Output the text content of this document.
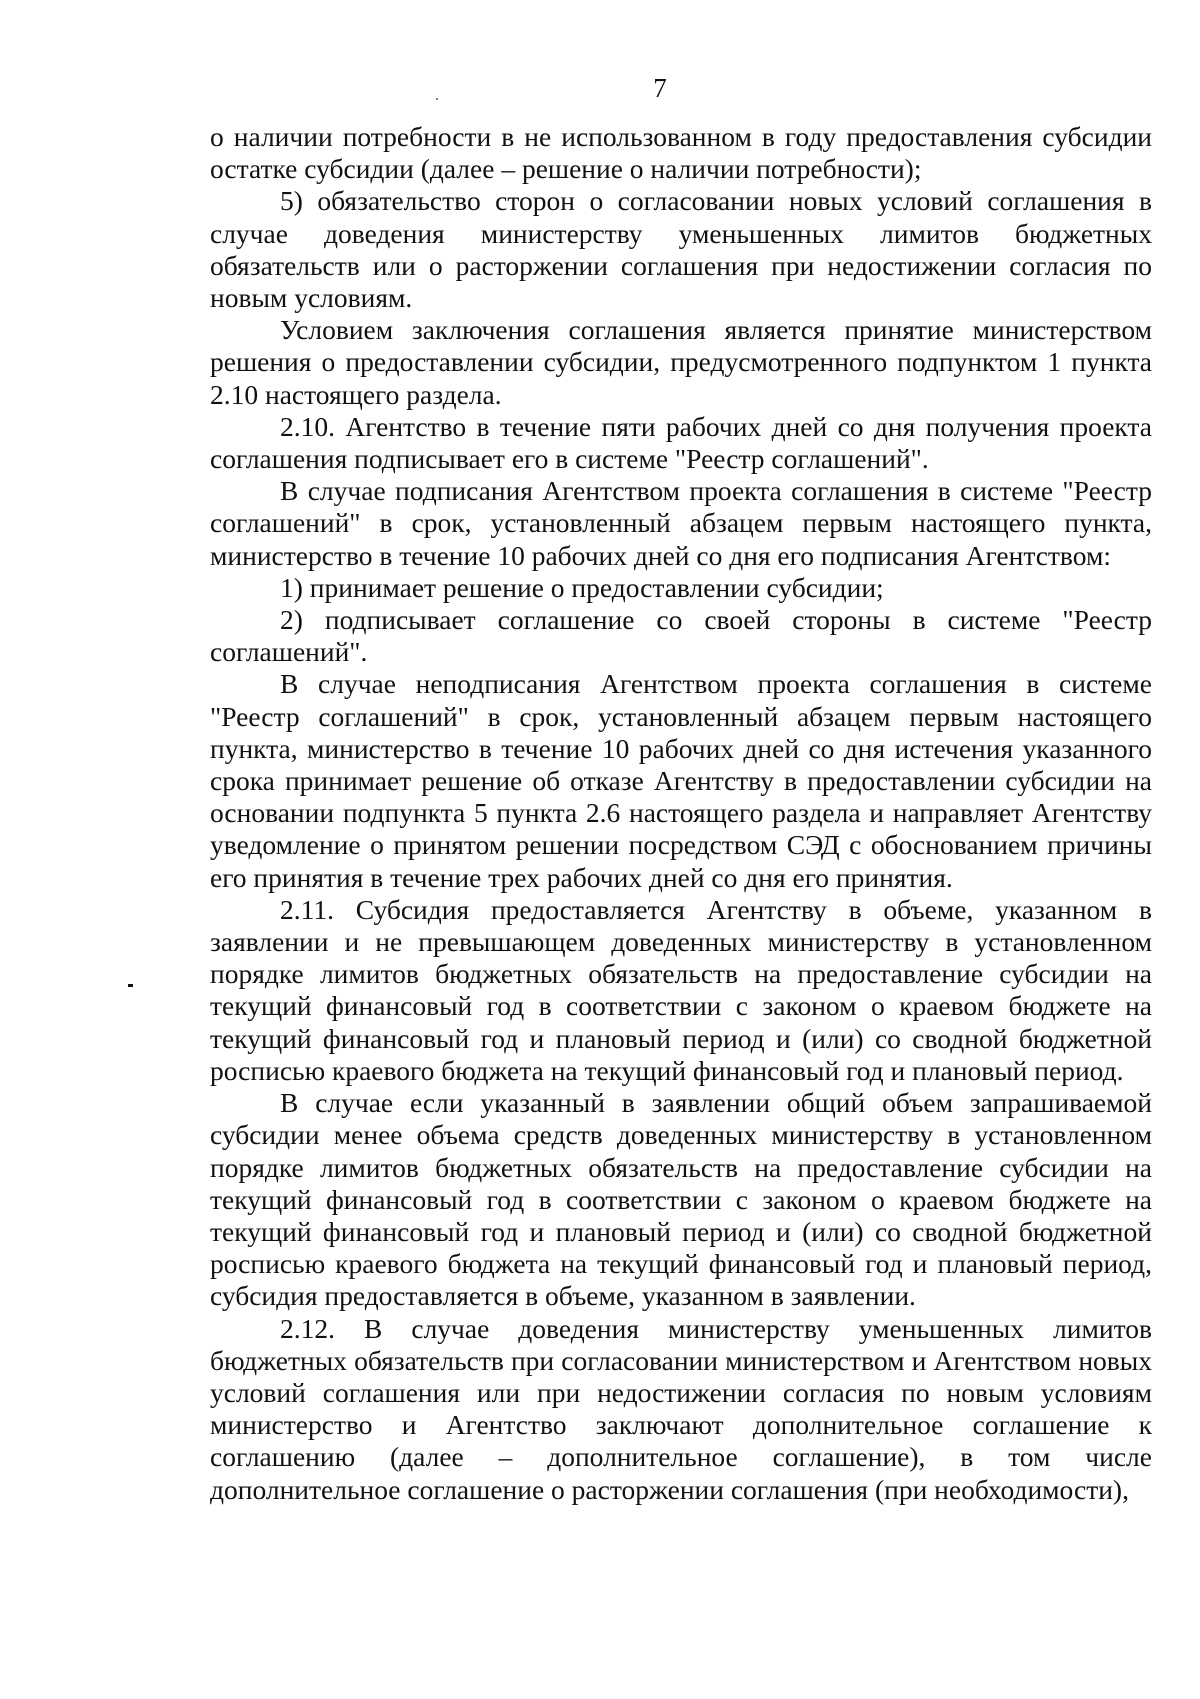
7

о наличии потребности в не использованном в году предоставления субсидии остатке субсидии (далее – решение о наличии потребности);

5) обязательство сторон о согласовании новых условий соглашения в случае доведения министерству уменьшенных лимитов бюджетных обязательств или о расторжении соглашения при недостижении согласия по новым условиям.

Условием заключения соглашения является принятие министерством решения о предоставлении субсидии, предусмотренного подпунктом 1 пункта 2.10 настоящего раздела.

2.10. Агентство в течение пяти рабочих дней со дня получения проекта соглашения подписывает его в системе "Реестр соглашений".

В случае подписания Агентством проекта соглашения в системе "Реестр соглашений" в срок, установленный абзацем первым настоящего пункта, министерство в течение 10 рабочих дней со дня его подписания Агентством:

1) принимает решение о предоставлении субсидии;

2) подписывает соглашение со своей стороны в системе "Реестр соглашений".

В случае неподписания Агентством проекта соглашения в системе "Реестр соглашений" в срок, установленный абзацем первым настоящего пункта, министерство в течение 10 рабочих дней со дня истечения указанного срока принимает решение об отказе Агентству в предоставлении субсидии на основании подпункта 5 пункта 2.6 настоящего раздела и направляет Агентству уведомление о принятом решении посредством СЭД с обоснованием причины его принятия в течение трех рабочих дней со дня его принятия.

2.11. Субсидия предоставляется Агентству в объеме, указанном в заявлении и не превышающем доведенных министерству в установленном порядке лимитов бюджетных обязательств на предоставление субсидии на текущий финансовый год в соответствии с законом о краевом бюджете на текущий финансовый год и плановый период и (или) со сводной бюджетной росписью краевого бюджета на текущий финансовый год и плановый период.

В случае если указанный в заявлении общий объем запрашиваемой субсидии менее объема средств доведенных министерству в установленном порядке лимитов бюджетных обязательств на предоставление субсидии на текущий финансовый год в соответствии с законом о краевом бюджете на текущий финансовый год и плановый период и (или) со сводной бюджетной росписью краевого бюджета на текущий финансовый год и плановый период, субсидия предоставляется в объеме, указанном в заявлении.

2.12. В случае доведения министерству уменьшенных лимитов бюджетных обязательств при согласовании министерством и Агентством новых условий соглашения или при недостижении согласия по новым условиям министерство и Агентство заключают дополнительное соглашение к соглашению (далее – дополнительное соглашение), в том числе дополнительное соглашение о расторжении соглашения (при необходимости),
